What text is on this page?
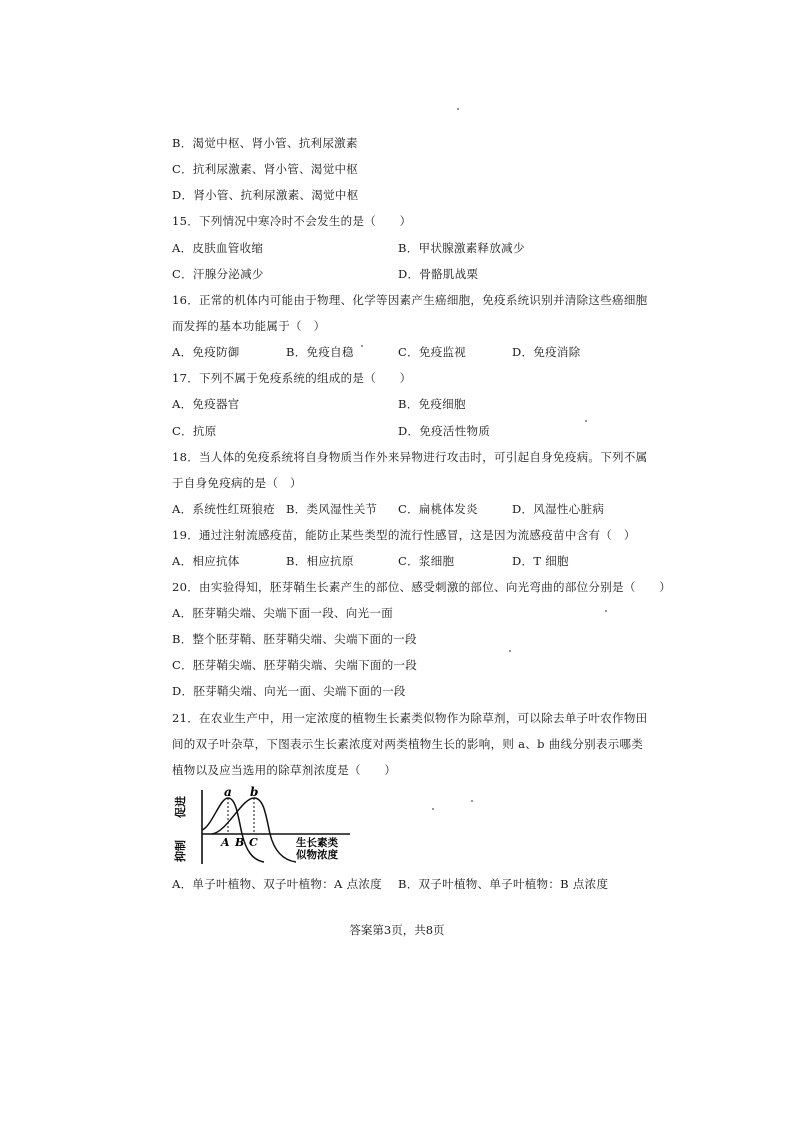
B．渴觉中枢、肾小管、抗利尿激素
C．抗利尿激素、肾小管、渴觉中枢
D．肾小管、抗利尿激素、渴觉中枢
15．下列情况中寒冷时不会发生的是（　　）
A．皮肤血管收缩	B．甲状腺激素释放减少
C．汗腺分泌减少	D．骨骼肌战栗
16．正常的机体内可能由于物理、化学等因素产生癌细胞，免疫系统识别并清除这些癌细胞
而发挥的基本功能属于（　）
A．免疫防御	B．免疫自稳	C．免疫监视	D．免疫消除
17．下列不属于免疫系统的组成的是（　　）
A．免疫器官	B．免疫细胞
C．抗原	D．免疫活性物质
18．当人体的免疫系统将自身物质当作外来异物进行攻击时，可引起自身免疫病。下列不属
于自身免疫病的是（　）
A．系统性红斑狼疮 B．类风湿性关节 C．扁桃体发炎	D．风湿性心脏病
19．通过注射流感疫苗，能防止某些类型的流行性感冒，这是因为流感疫苗中含有（　）
A．相应抗体	B．相应抗原	C．浆细胞	D．T 细胞
20．由实验得知，胚芽鞘生长素产生的部位、感受刺激的部位、向光弯曲的部位分别是（　　）
A．胚芽鞘尖端、尖端下面一段、向光一面
B．整个胚芽鞘、胚芽鞘尖端、尖端下面的一段
C．胚芽鞘尖端、胚芽鞘尖端、尖端下面的一段
D．胚芽鞘尖端、向光一面、尖端下面的一段
21．在农业生产中，用一定浓度的植物生长素类似物作为除草剂，可以除去单子叶农作物田
间的双子叶杂草，下图表示生长素浓度对两类植物生长的影响，则 a、b 曲线分别表示哪类
植物以及应当选用的除草剂浓度是（　　）
促进
抑制
a b
A B C	生长素类
似物浓度
A．单子叶植物、双子叶植物：A 点浓度 B．双子叶植物、单子叶植物：B 点浓度
答案第3页，共8页
